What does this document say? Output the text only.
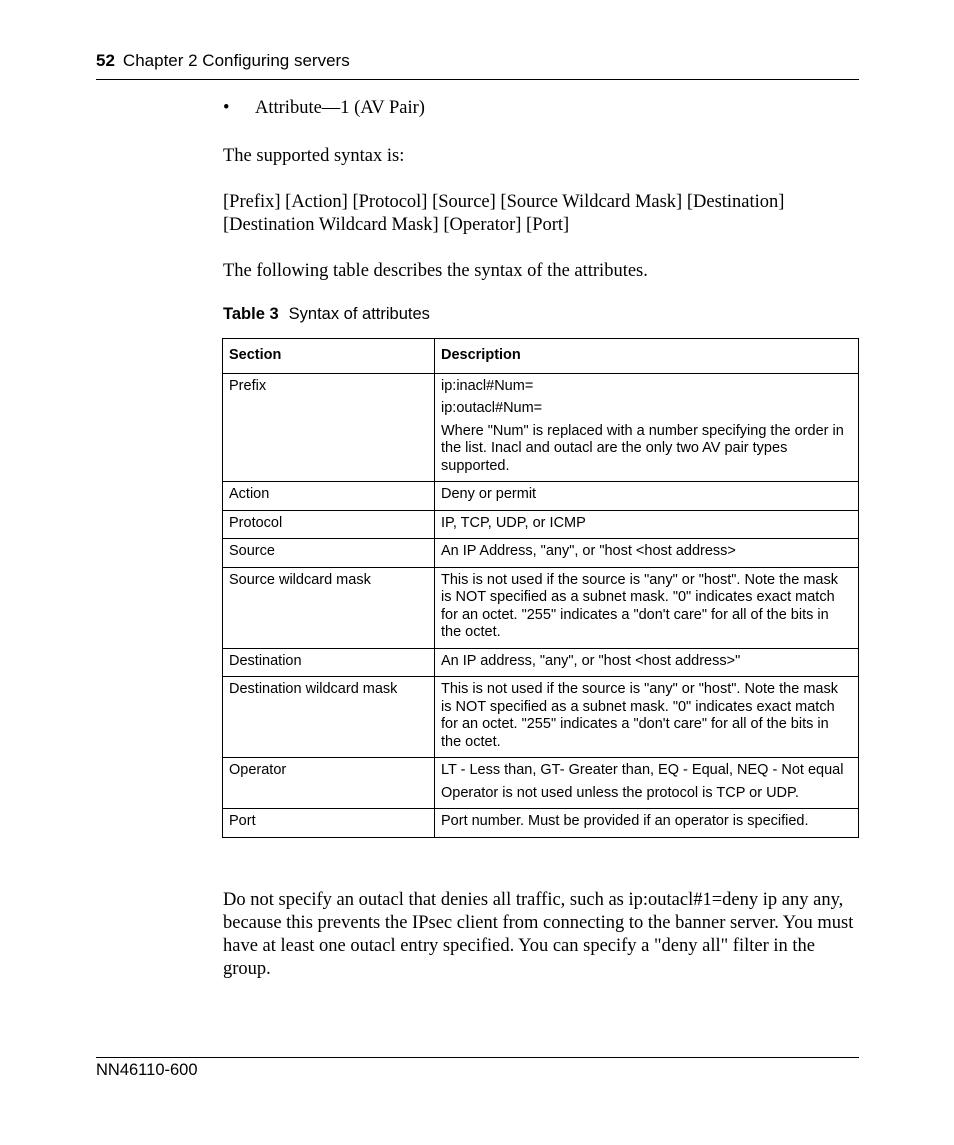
52 Chapter 2 Configuring servers
• Attribute—1 (AV Pair)
The supported syntax is:
[Prefix] [Action] [Protocol] [Source] [Source Wildcard Mask] [Destination]
[Destination Wildcard Mask] [Operator] [Port]
The following table describes the syntax of the attributes.
Table 3 Syntax of attributes
Section	Description
Prefix	ip:inacl#Num=

ip:outacl#Num=

Where "Num" is replaced with a number specifying the order in the list. Inacl and outacl are the only two AV pair types supported.

Action	Deny or permit

Protocol	IP, TCP, UDP, or ICMP

Source	An IP Address, "any", or "host <host address>

Source wildcard mask	This is not used if the source is "any" or "host". Note the mask is NOT specified as a subnet mask. "0" indicates exact match for an octet. "255" indicates a "don't care" for all of the bits in the octet.

Destination	An IP address, "any", or "host <host address>"

Destination wildcard mask	This is not used if the source is "any" or "host". Note the mask is NOT specified as a subnet mask. "0" indicates exact match for an octet. "255" indicates a "don't care" for all of the bits in the octet.

Operator	LT - Less than, GT- Greater than, EQ - Equal, NEQ - Not equal

Operator is not used unless the protocol is TCP or UDP.

Port	Port number. Must be provided if an operator is specified.

Do not specify an outacl that denies all traffic, such as ip:outacl#1=deny ip any any, because this prevents the IPsec client from connecting to the banner server. You must have at least one outacl entry specified. You can specify a "deny all" filter in the group.
NN46110-600
